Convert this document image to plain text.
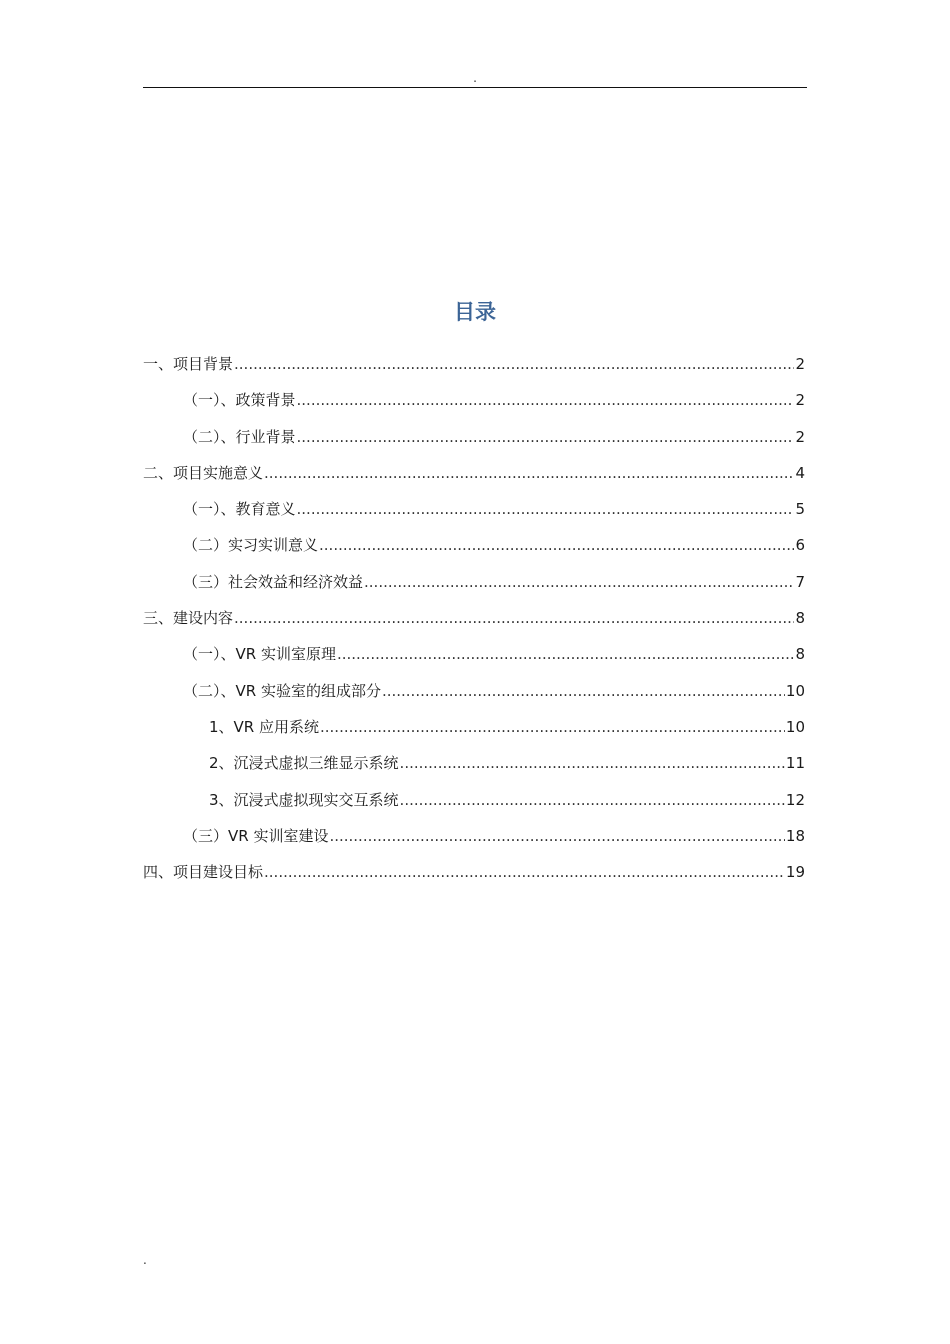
.
目录
一、项目背景 .....	2
（一）、政策背景 .....	2
（二）、行业背景 .....	2
二、项目实施意义 .....	4
（一）、教育意义 .....	5
（二）实习实训意义 .....	6
（三）社会效益和经济效益 .....	7
三、建设内容 .....	8
（一）、VR 实训室原理 .....	8
（二）、VR 实验室的组成部分 .....	10
1、VR 应用系统 .....	10
2、沉浸式虚拟三维显示系统 .....	11
3、沉浸式虚拟现实交互系统 .....	12
（三）VR 实训室建设 .....	18
四、项目建设目标 .....	19
.
